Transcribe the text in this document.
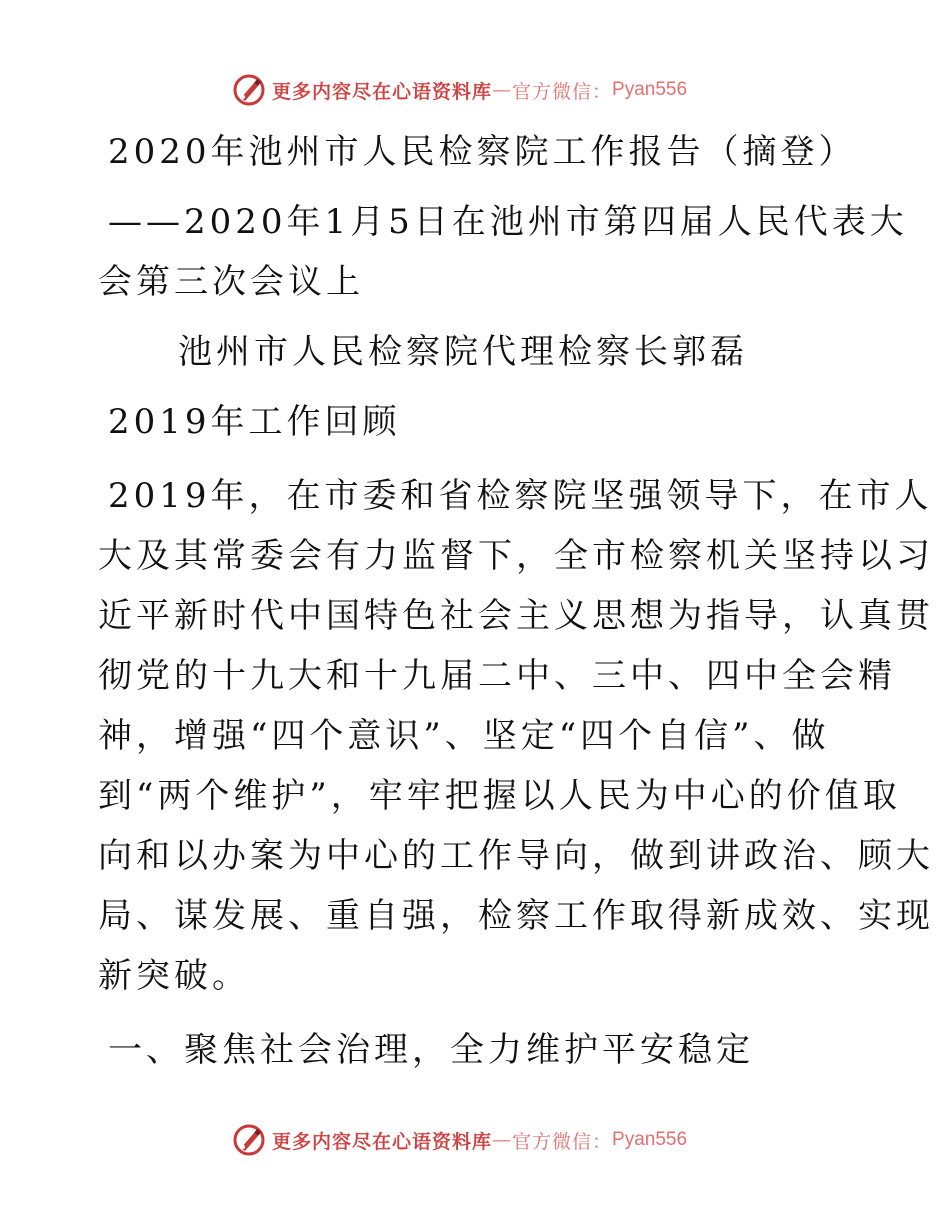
更多内容尽在心语资料库 — 官方微信： Pyan556
2020年池州市人民检察院工作报告（摘登）
——2020年1月5日在池州市第四届人民代表大
会第三次会议上
池州市人民检察院代理检察长郭磊
2019年工作回顾
2019年，在市委和省检察院坚强领导下，在市人
大及其常委会有力监督下，全市检察机关坚持以习
近平新时代中国特色社会主义思想为指导，认真贯
彻党的十九大和十九届二中、三中、四中全会精
神，增强“四个意识”、坚定“四个自信”、做
到“两个维护”，牢牢把握以人民为中心的价值取
向和以办案为中心的工作导向，做到讲政治、顾大
局、谋发展、重自强，检察工作取得新成效、实现
新突破。
一、聚焦社会治理，全力维护平安稳定
更多内容尽在心语资料库 — 官方微信： Pyan556
